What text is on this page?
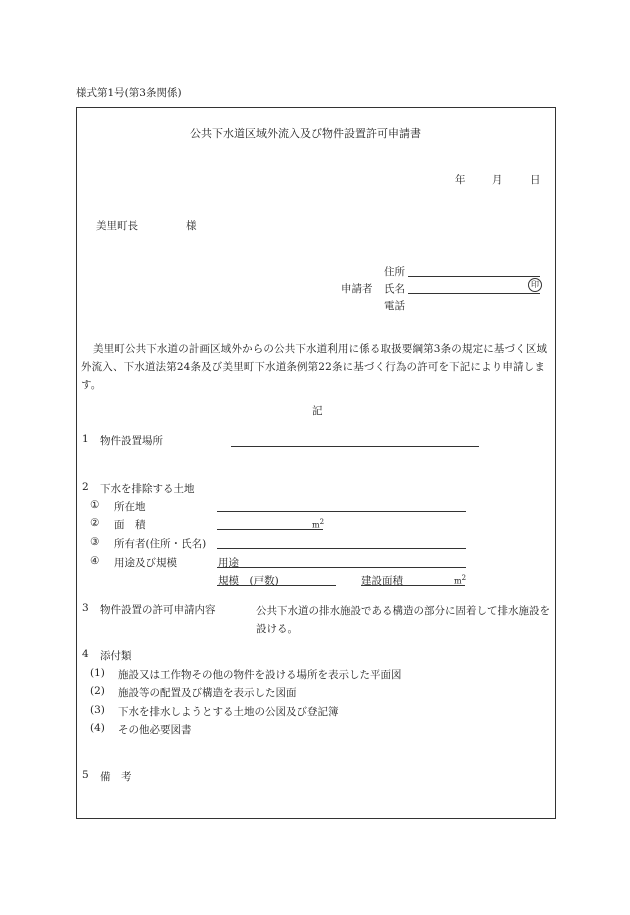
様式第1号(第3条関係)
公共下水道区域外流入及び物件設置許可申請書
年	月	日
美里町長	様
住所
申請者 氏名	印
電話
美里町公共下水道の計画区域外からの公共下水道利用に係る取扱要綱第3条の規定に基づく区域外流入、下水道法第24条及び美里町下水道条例第22条に基づく行為の許可を下記により申請します。
記
1 物件設置場所
2 下水を排除する土地
① 所在地
② 面　積	m2
③ 所有者(住所・氏名)
④ 用途及び規模	用途
規模　(戸数)	建設面積	m2
3 物件設置の許可申請内容	公共下水道の排水施設である構造の部分に固着して排水施設を設ける。
4 添付類
(1) 施設又は工作物その他の物件を設ける場所を表示した平面図
(2) 施設等の配置及び構造を表示した図面
(3) 下水を排水しようとする土地の公図及び登記簿
(4) その他必要図書
5 備　考
